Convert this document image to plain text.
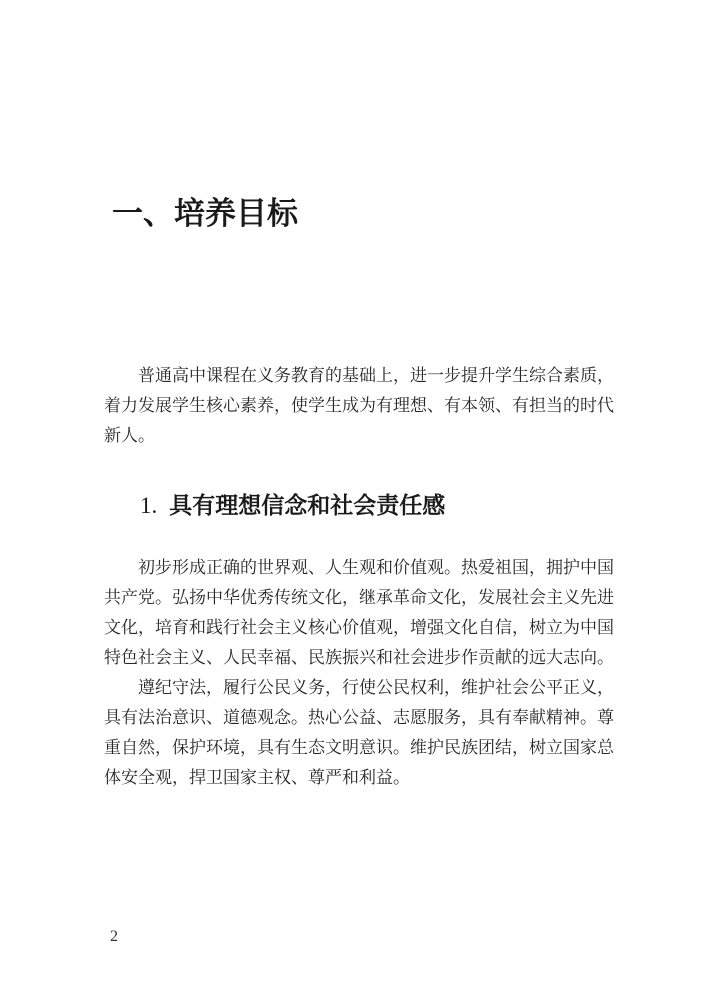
一、培养目标

普通高中课程在义务教育的基础上，进一步提升学生综合素质，着力发展学生核心素养，使学生成为有理想、有本领、有担当的时代新人。

1. 具有理想信念和社会责任感

初步形成正确的世界观、人生观和价值观。热爱祖国，拥护中国共产党。弘扬中华优秀传统文化，继承革命文化，发展社会主义先进文化，培育和践行社会主义核心价值观，增强文化自信，树立为中国特色社会主义、人民幸福、民族振兴和社会进步作贡献的远大志向。

遵纪守法，履行公民义务，行使公民权利，维护社会公平正义，具有法治意识、道德观念。热心公益、志愿服务，具有奉献精神。尊重自然，保护环境，具有生态文明意识。维护民族团结，树立国家总体安全观，捍卫国家主权、尊严和利益。

2
